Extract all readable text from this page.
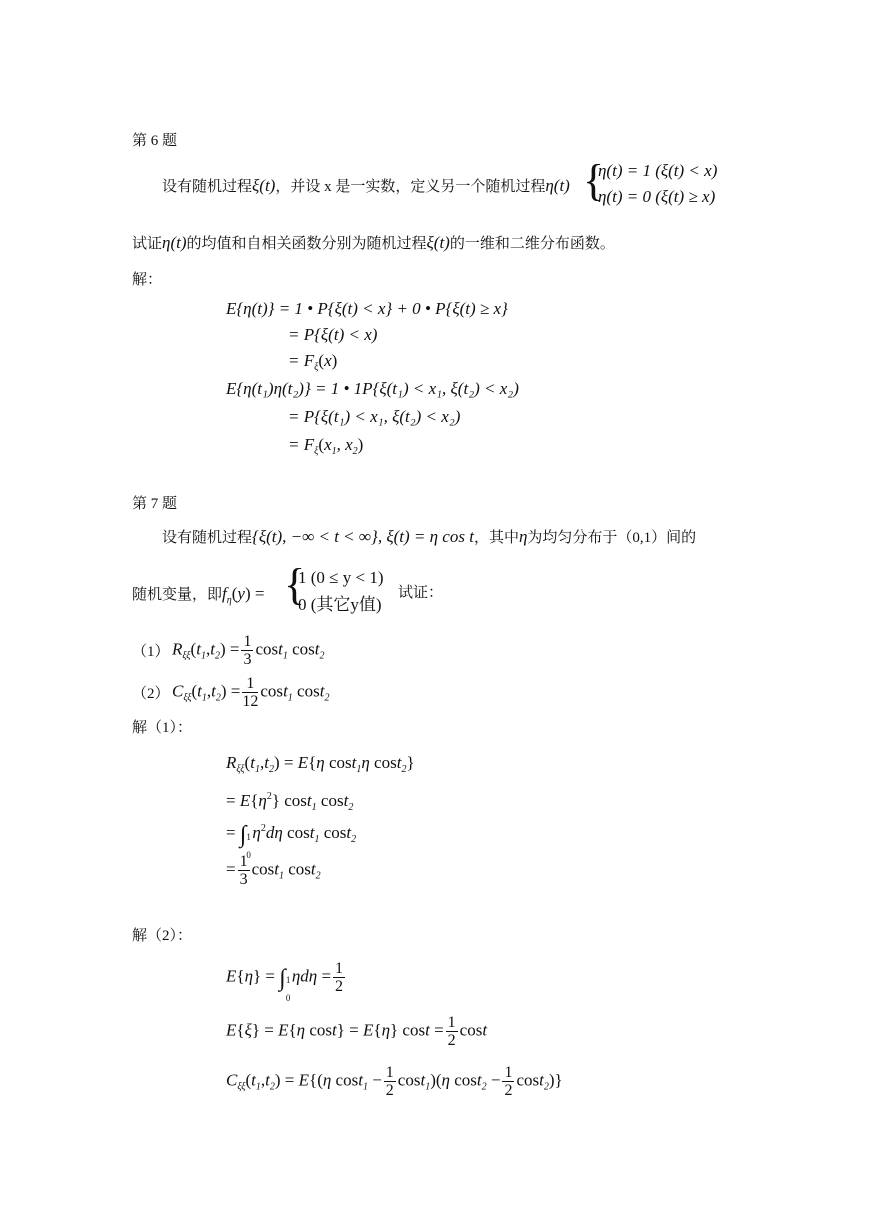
第 6 题
设有随机过程ξ(t)，并设 x 是一实数，定义另一个随机过程η(t) {
η(t) = 1 (ξ(t) < x)
η(t) = 0 (ξ(t) ≥ x)
试证η(t)的均值和自相关函数分别为随机过程ξ(t)的一维和二维分布函数。
解：
E{η(t)} = 1 • P{ξ(t) < x} + 0 • P{ξ(t) ≥ x}
= P{ξ(t) < x)
= $F_\xi(x)$
E{η(t₁)η(t₂)} = 1 • 1P{ξ(t₁) < x₁, ξ(t₂) < x₂)
= P{ξ(t₁) < x₁, ξ(t₂) < x₂)
= $F_\xi(x_1$, $x_2$)
第 7 题
设有随机过程{ξ(t), −∞ < t < ∞}, ξ(t) = η cos t，其中η为均匀分布于（0,1）间的
随机变量，即$f_\eta(y)$ = {
1 (0 ≤ y < 1)
0 (其它y值)
试证：
（1） $R_{\xi\xi}(t_1,t_2) = \frac{1}{3} \cos t_1$ cost$_2$
（2） $C_{\xi\xi}(t_1,t_2) = \frac{1}{12} \cos t_1$ cost$_2$
解（1）：
$R_{\xi\xi}(t_1,t_2) = E\{\eta$ cost$_1$η cost$_2$}
= $E\{\eta^2\}$ cost$_1$ cost$_2$
= ∫ 1
0
$\eta^2d\eta$ cost$_1$ cost$_2$
= $\frac{1}{3} \cos t_1$ cost$_2$
解（2）：
E{η} = ∫ 1
0
$\eta d\eta = \frac{1}{2}$
E{ξ} = E{η cost} = E{η} $\cos t = \frac{1}{2}$ cost
$C_{\xi\xi}(t_1,t_2) = E\{(\eta$ $\cos t_1 - \frac{1}{2} \cos t_1)(\eta$ $\cos t_2 - \frac{1}{2} \cos t_2$)}
